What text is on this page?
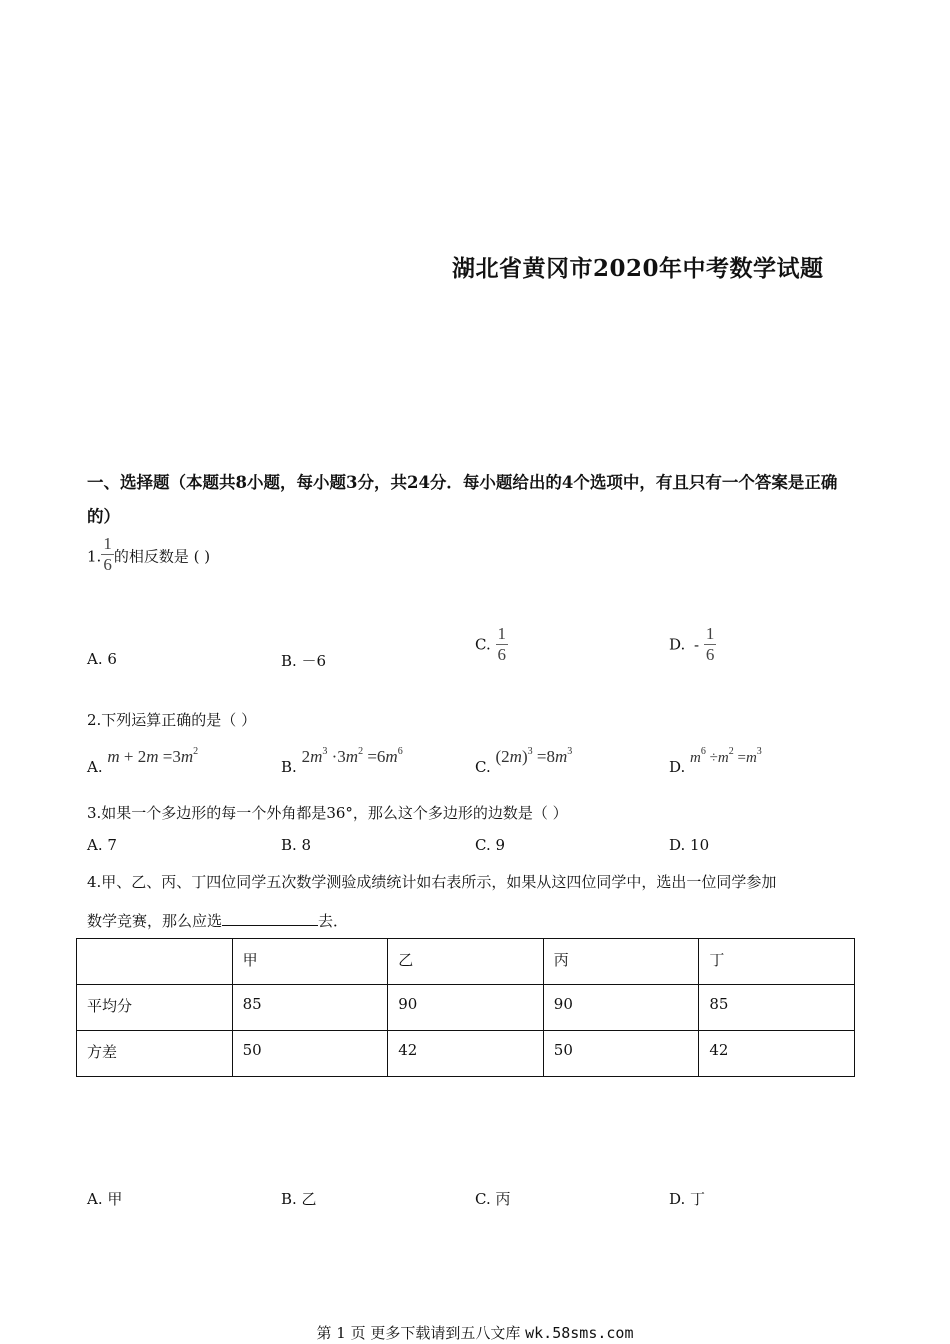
湖北省黄冈市2020年中考数学试题
一、选择题（本题共8小题，每小题3分，共24分．每小题给出的4个选项中，有且只有一个答案是正确的）
1. $\frac{1}{6}$ 的相反数是 ( )
A. 6	B. －6
C. $\frac{1}{6}$	D. - $\frac{1}{6}$
2.下列运算正确的是（ ）
A. $m + 2m =3m^2$
B. $2m^3 \cdot 3m^2 =6m^6$
C. $(2m)^3 =8m^3$
D. $m^6 \div m^2 =m^3$
3.如果一个多边形的每一个外角都是36°，那么这个多边形的边数是（ ）
A. 7	B. 8	C. 9	D. 10
4.甲、乙、丙、丁四位同学五次数学测验成绩统计如右表所示，如果从这四位同学中，选出一位同学参加
数学竞赛，那么应选	去．
	甲	乙	丙	丁
平均分	85	90	90	85
方差	50	42	50	42
A. 甲	B. 乙	C. 丙	D. 丁
第 1 页 更多下载请到五八文库 wk.58sms.com
